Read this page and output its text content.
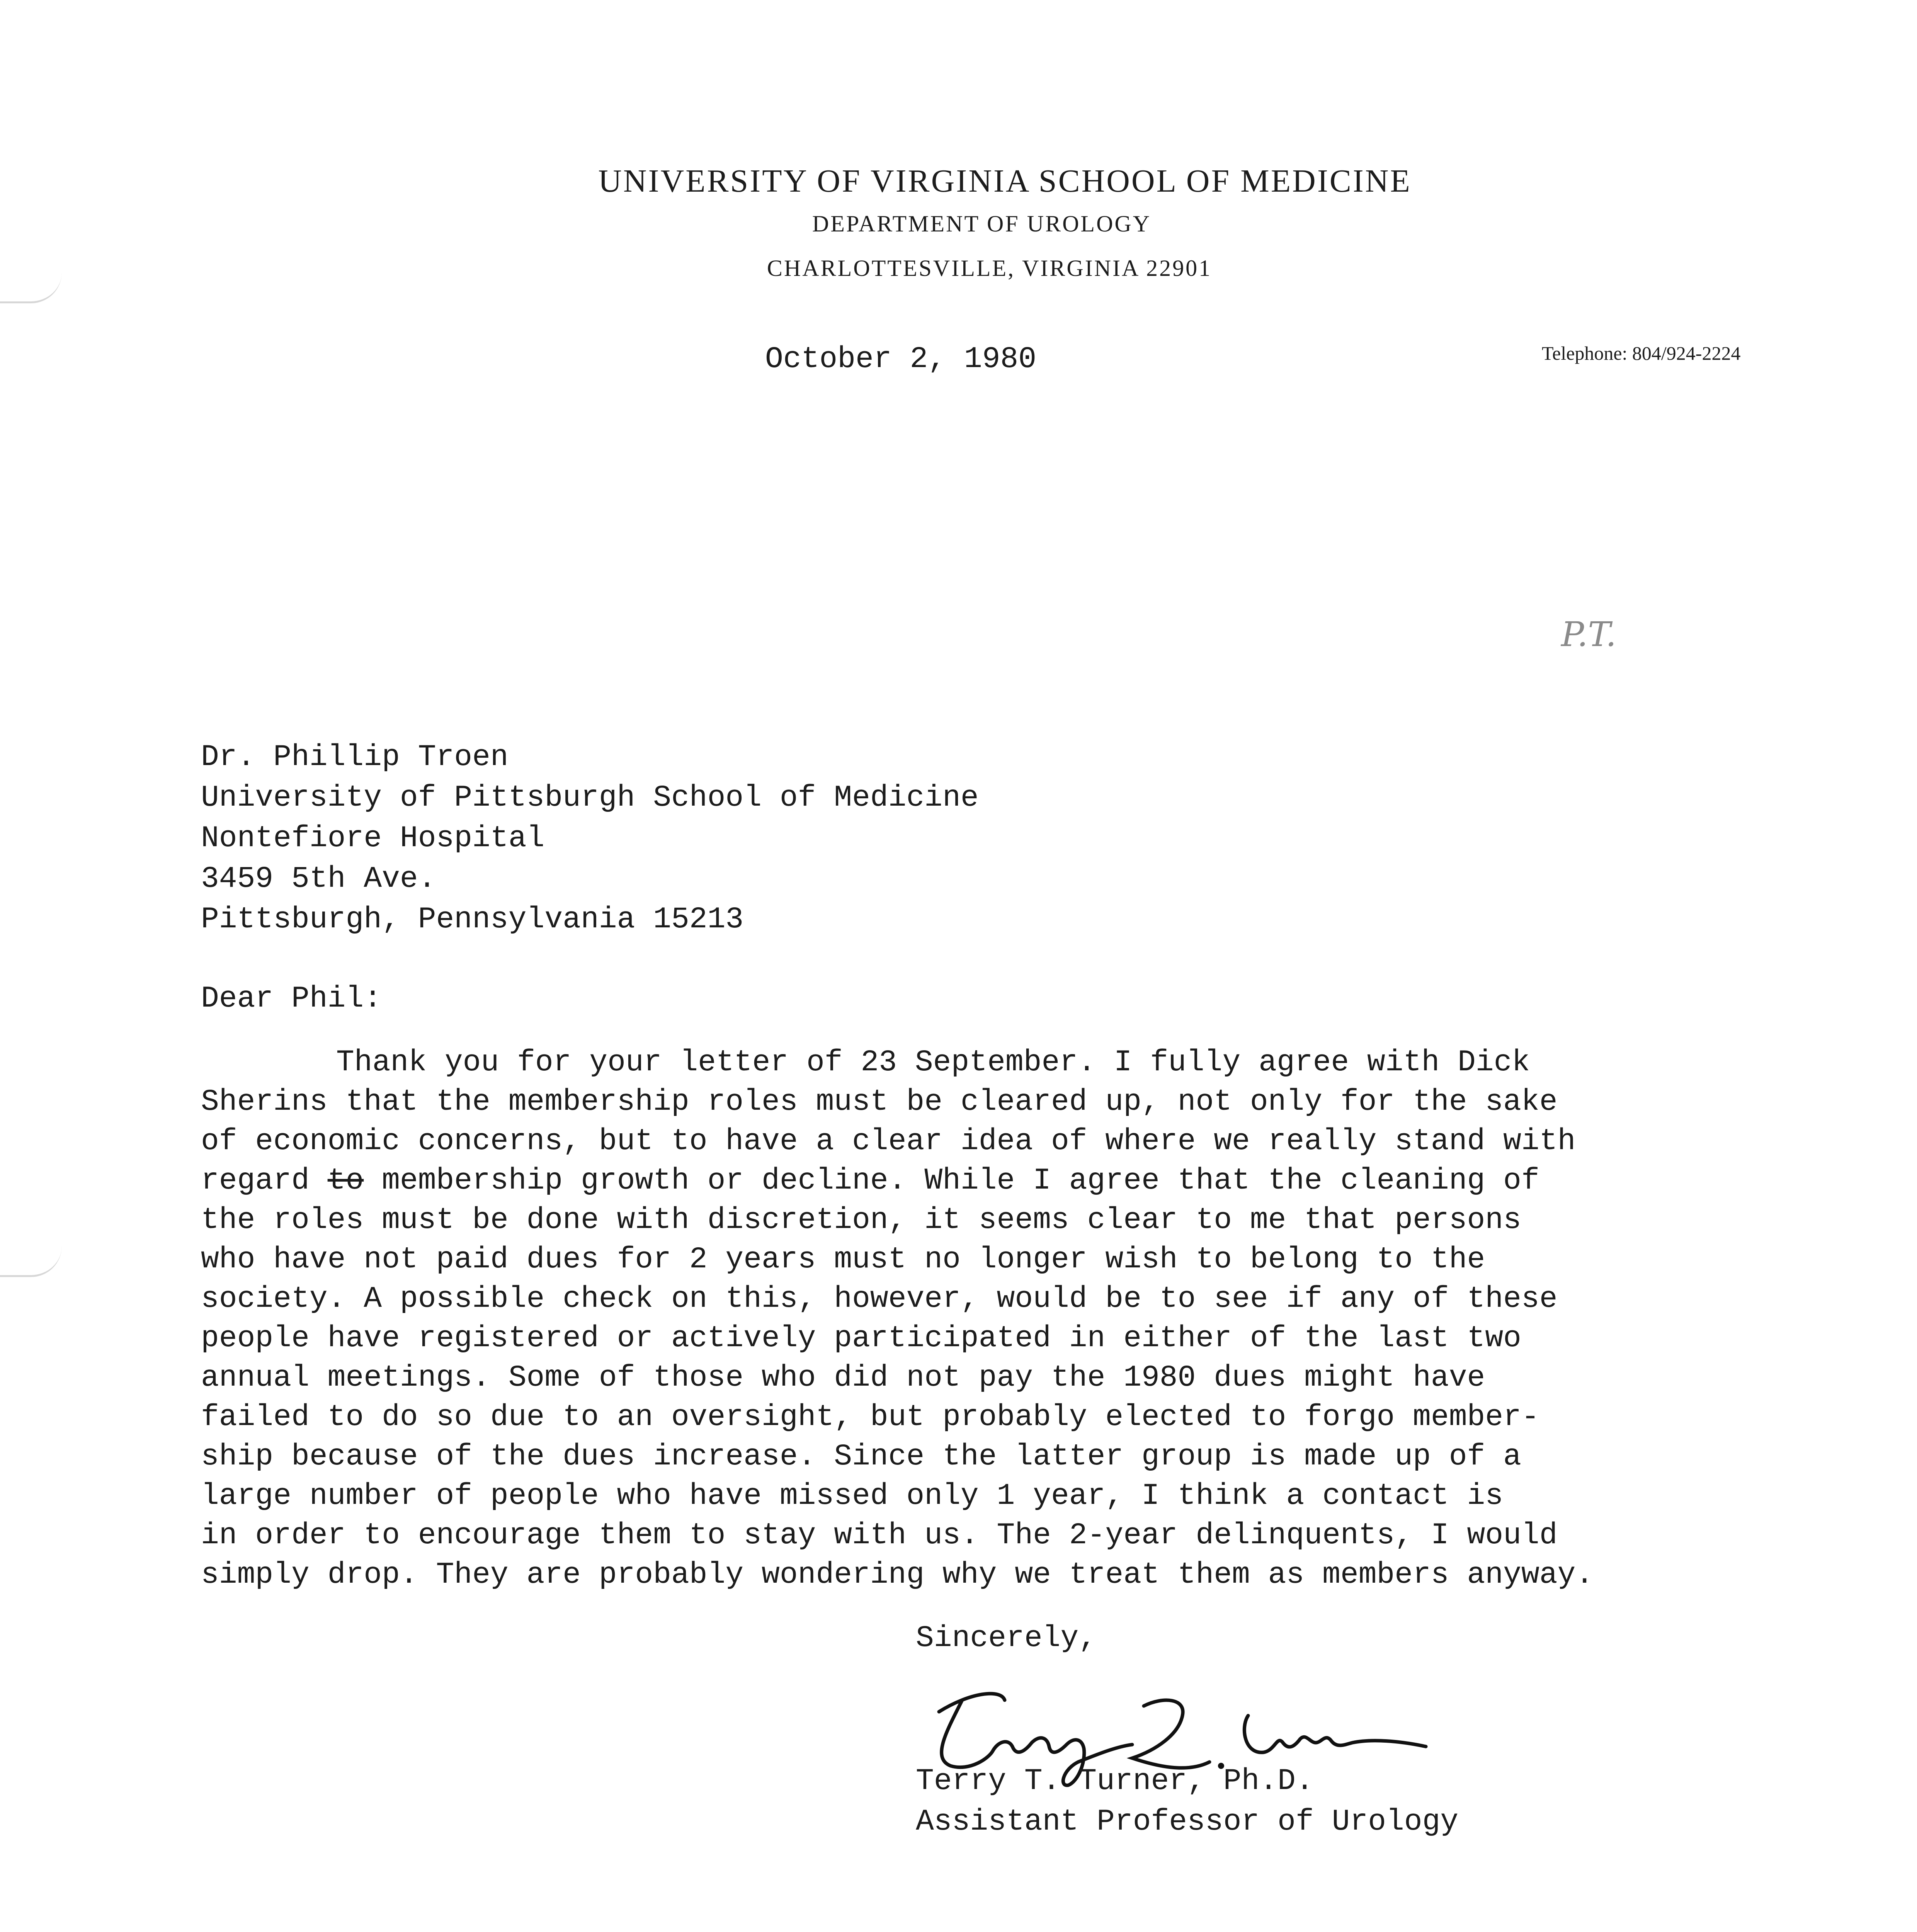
UNIVERSITY OF VIRGINIA SCHOOL OF MEDICINE
DEPARTMENT OF UROLOGY
CHARLOTTESVILLE, VIRGINIA 22901
October 2, 1980	Telephone: 804/924-2224
P.T.
Dr. Phillip Troen
University of Pittsburgh School of Medicine
Nontefiore Hospital
3459 5th Ave.
Pittsburgh, Pennsylvania 15213
Dear Phil:
Thank you for your letter of 23 September. I fully agree with Dick
Sherins that the membership roles must be cleared up, not only for the sake
of economic concerns, but to have a clear idea of where we really stand with
regard to membership growth or decline. While I agree that the cleaning of
the roles must be done with discretion, it seems clear to me that persons
who have not paid dues for 2 years must no longer wish to belong to the
society. A possible check on this, however, would be to see if any of these
people have registered or actively participated in either of the last two
annual meetings. Some of those who did not pay the 1980 dues might have
failed to do so due to an oversight, but probably elected to forgo member-
ship because of the dues increase. Since the latter group is made up of a
large number of people who have missed only 1 year, I think a contact is
in order to encourage them to stay with us. The 2-year delinquents, I would
simply drop. They are probably wondering why we treat them as members anyway.
Sincerely,
Terry T. Turner, Ph.D.
Assistant Professor of Urology
